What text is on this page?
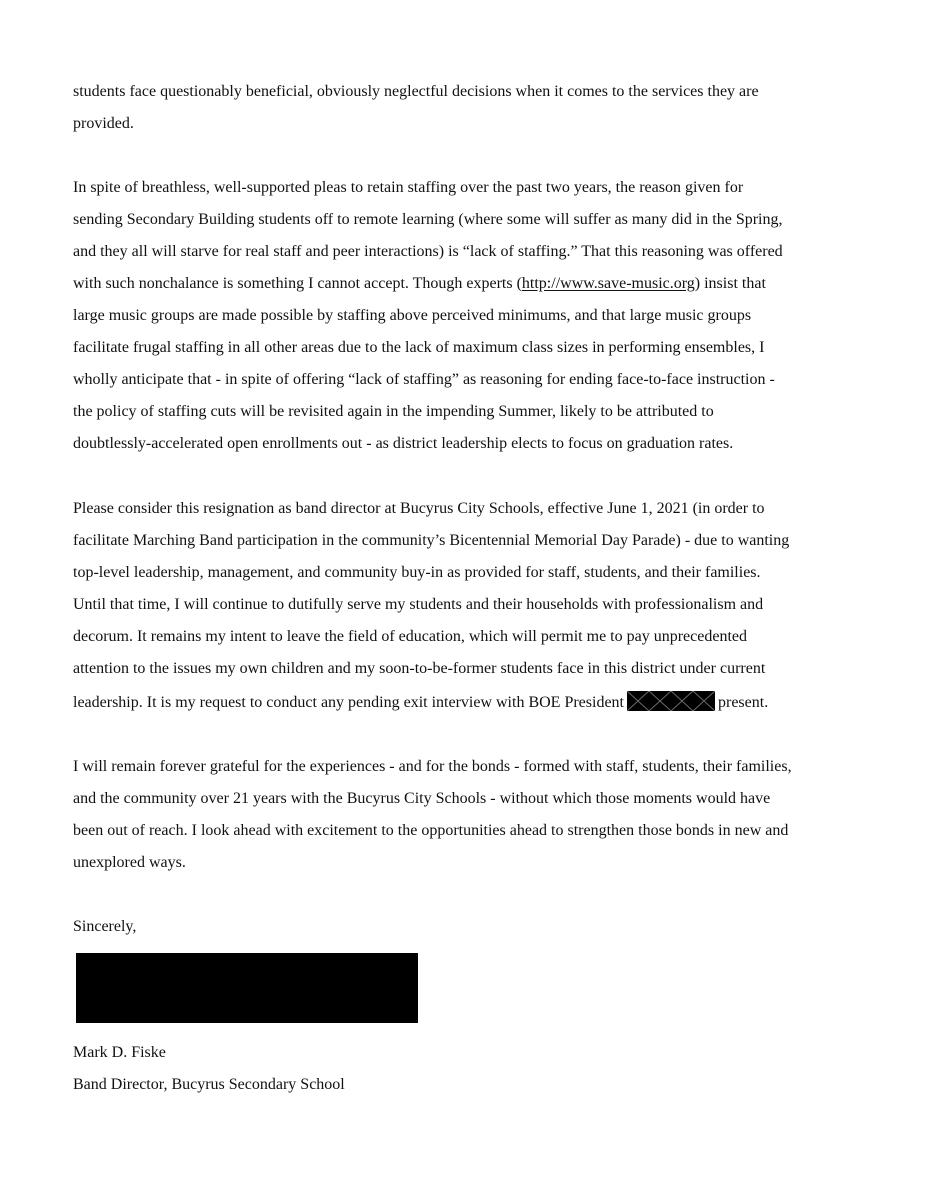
students face questionably beneficial, obviously neglectful decisions when it comes to the services they are
provided.
In spite of breathless, well-supported pleas to retain staffing over the past two years, the reason given for
sending Secondary Building students off to remote learning (where some will suffer as many did in the Spring,
and they all will starve for real staff and peer interactions) is “lack of staffing.” That this reasoning was offered
with such nonchalance is something I cannot accept. Though experts (http://www.save-music.org) insist that
large music groups are made possible by staffing above perceived minimums, and that large music groups
facilitate frugal staffing in all other areas due to the lack of maximum class sizes in performing ensembles, I
wholly anticipate that - in spite of offering “lack of staffing” as reasoning for ending face-to-face instruction -
the policy of staffing cuts will be revisited again in the impending Summer, likely to be attributed to
doubtlessly-accelerated open enrollments out - as district leadership elects to focus on graduation rates.
Please consider this resignation as band director at Bucyrus City Schools, effective June 1, 2021 (in order to
facilitate Marching Band participation in the community’s Bicentennial Memorial Day Parade) - due to wanting
top-level leadership, management, and community buy-in as provided for staff, students, and their families.
Until that time, I will continue to dutifully serve my students and their households with professionalism and
decorum. It remains my intent to leave the field of education, which will permit me to pay unprecedented
attention to the issues my own children and my soon-to-be-former students face in this district under current
leadership. It is my request to conduct any pending exit interview with BOE President	present.
I will remain forever grateful for the experiences - and for the bonds - formed with staff, students, their families,
and the community over 21 years with the Bucyrus City Schools - without which those moments would have
been out of reach. I look ahead with excitement to the opportunities ahead to strengthen those bonds in new and
unexplored ways.
Sincerely,
Mark D. Fiske
Band Director, Bucyrus Secondary School
